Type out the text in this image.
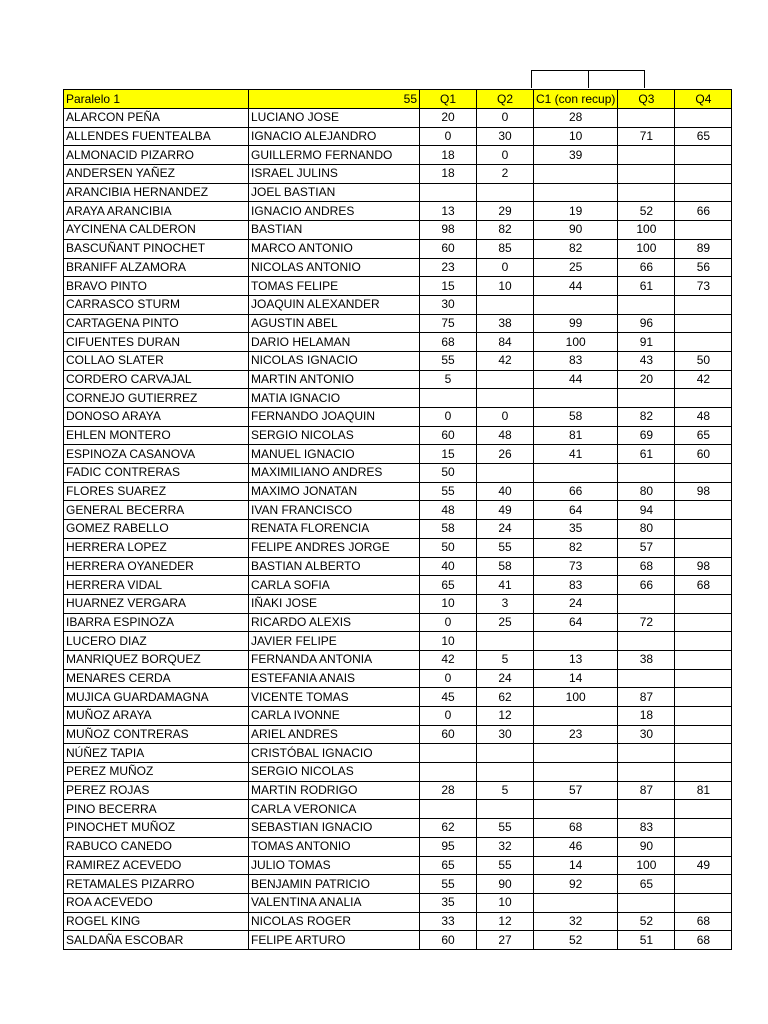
Paralelo 1	55	Q1	Q2	C1 (con recup)	Q3	Q4
ALARCON PEÑA	LUCIANO JOSE	20	0	28		
ALLENDES FUENTEALBA	IGNACIO ALEJANDRO	0	30	10	71	65
ALMONACID PIZARRO	GUILLERMO FERNANDO	18	0	39		
ANDERSEN YAÑEZ	ISRAEL JULINS	18	2			
ARANCIBIA HERNANDEZ	JOEL BASTIAN					
ARAYA ARANCIBIA	IGNACIO ANDRES	13	29	19	52	66
AYCINENA CALDERON	BASTIAN	98	82	90	100	
BASCUÑANT PINOCHET	MARCO ANTONIO	60	85	82	100	89
BRANIFF ALZAMORA	NICOLAS ANTONIO	23	0	25	66	56
BRAVO PINTO	TOMAS FELIPE	15	10	44	61	73
CARRASCO STURM	JOAQUIN ALEXANDER	30				
CARTAGENA PINTO	AGUSTIN ABEL	75	38	99	96	
CIFUENTES DURAN	DARIO HELAMAN	68	84	100	91	
COLLAO SLATER	NICOLAS IGNACIO	55	42	83	43	50
CORDERO CARVAJAL	MARTIN ANTONIO	5		44	20	42
CORNEJO GUTIERREZ	MATIA IGNACIO					
DONOSO ARAYA	FERNANDO JOAQUIN	0	0	58	82	48
EHLEN MONTERO	SERGIO NICOLAS	60	48	81	69	65
ESPINOZA CASANOVA	MANUEL IGNACIO	15	26	41	61	60
FADIC CONTRERAS	MAXIMILIANO ANDRES	50				
FLORES SUAREZ	MAXIMO JONATAN	55	40	66	80	98
GENERAL BECERRA	IVAN FRANCISCO	48	49	64	94	
GOMEZ RABELLO	RENATA FLORENCIA	58	24	35	80	
HERRERA LOPEZ	FELIPE ANDRES JORGE	50	55	82	57	
HERRERA OYANEDER	BASTIAN ALBERTO	40	58	73	68	98
HERRERA VIDAL	CARLA SOFIA	65	41	83	66	68
HUARNEZ VERGARA	IÑAKI JOSE	10	3	24		
IBARRA ESPINOZA	RICARDO ALEXIS	0	25	64	72	
LUCERO DIAZ	JAVIER FELIPE	10				
MANRIQUEZ BORQUEZ	FERNANDA ANTONIA	42	5	13	38	
MENARES CERDA	ESTEFANIA ANAIS	0	24	14		
MUJICA GUARDAMAGNA	VICENTE TOMAS	45	62	100	87	
MUÑOZ ARAYA	CARLA IVONNE	0	12		18	
MUÑOZ CONTRERAS	ARIEL ANDRES	60	30	23	30	
NÚÑEZ TAPIA	CRISTÓBAL IGNACIO					
PEREZ MUÑOZ	SERGIO NICOLAS					
PEREZ ROJAS	MARTIN RODRIGO	28	5	57	87	81
PINO BECERRA	CARLA VERONICA					
PINOCHET MUÑOZ	SEBASTIAN IGNACIO	62	55	68	83	
RABUCO CANEDO	TOMAS ANTONIO	95	32	46	90	
RAMIREZ ACEVEDO	JULIO TOMAS	65	55	14	100	49
RETAMALES PIZARRO	BENJAMIN PATRICIO	55	90	92	65	
ROA ACEVEDO	VALENTINA ANALIA	35	10			
ROGEL KING	NICOLAS ROGER	33	12	32	52	68
SALDAÑA ESCOBAR	FELIPE ARTURO	60	27	52	51	68
